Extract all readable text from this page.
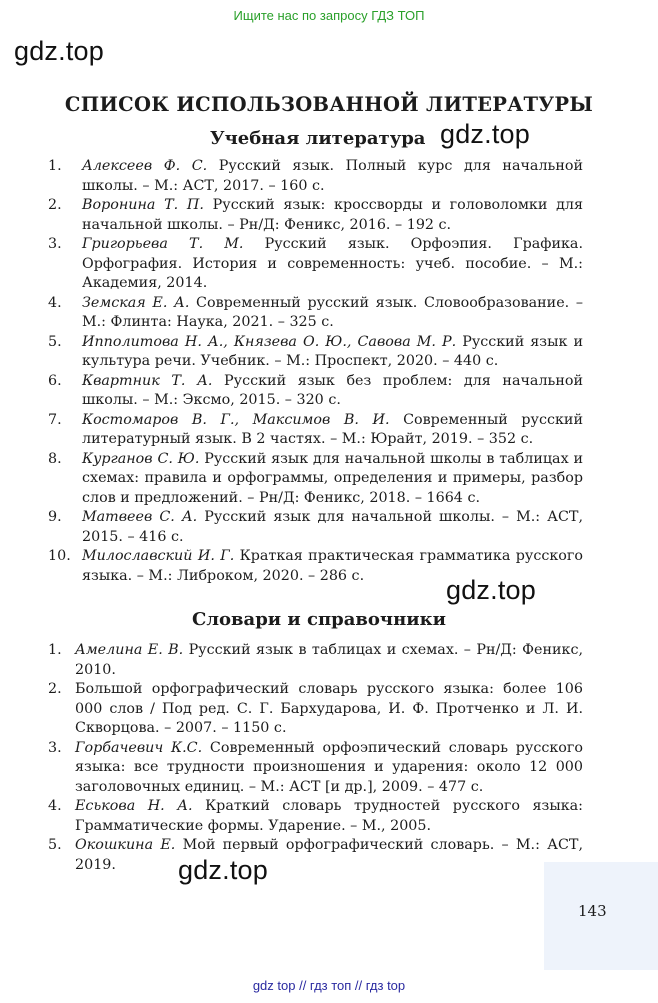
Ищите нас по запросу ГДЗ ТОП
gdz.top
gdz.top
gdz.top
gdz.top
СПИСОК ИСПОЛЬЗОВАННОЙ ЛИТЕРАТУРЫ
Учебная литература
1. Алексеев Ф. С. Русский язык. Полный курс для начальной школы. – М.: АСТ, 2017. – 160 с.
2. Воронина Т. П. Русский язык: кроссворды и головоломки для начальной школы. – Рн/Д: Феникс, 2016. – 192 с.
3. Григорьева Т. М. Русский язык. Орфоэпия. Графика. Орфография. История и современность: учеб. пособие. – М.: Академия, 2014.
4. Земская Е. А. Современный русский язык. Словообразование. – М.: Флинта: Наука, 2021. – 325 с.
5. Ипполитова Н. А., Князева О. Ю., Савова М. Р. Русский язык и культура речи. Учебник. – М.: Проспект, 2020. – 440 с.
6. Квартник Т. А. Русский язык без проблем: для начальной школы. – М.: Эксмо, 2015. – 320 с.
7. Костомаров В. Г., Максимов В. И. Современный русский литературный язык. В 2 частях. – М.: Юрайт, 2019. – 352 с.
8. Курганов С. Ю. Русский язык для начальной школы в таблицах и схемах: правила и орфограммы, определения и примеры, разбор слов и предложений. – Рн/Д: Феникс, 2018. – 1664 с.
9. Матвеев С. А. Русский язык для начальной школы. – М.: АСТ, 2015. – 416 с.
10. Милославский И. Г. Краткая практическая грамматика русского языка. – М.: Либроком, 2020. – 286 с.
Словари и справочники
1. Амелина Е. В. Русский язык в таблицах и схемах. – Рн/Д: Феникс, 2010.
2. Большой орфографический словарь русского языка: более 106 000 слов / Под ред. С. Г. Бархударова, И. Ф. Протченко и Л. И. Скворцова. – 2007. – 1150 с.
3. Горбачевич К.С. Современный орфоэпический словарь русского языка: все трудности произношения и ударения: около 12 000 заголовочных единиц. – М.: АСТ [и др.], 2009. – 477 с.
4. Еськова Н. А. Краткий словарь трудностей русского языка: Грамматические формы. Ударение. – М., 2005.
5. Окошкина Е. Мой первый орфографический словарь. – М.: АСТ, 2019.
143
gdz top // гдз топ // гдз top
